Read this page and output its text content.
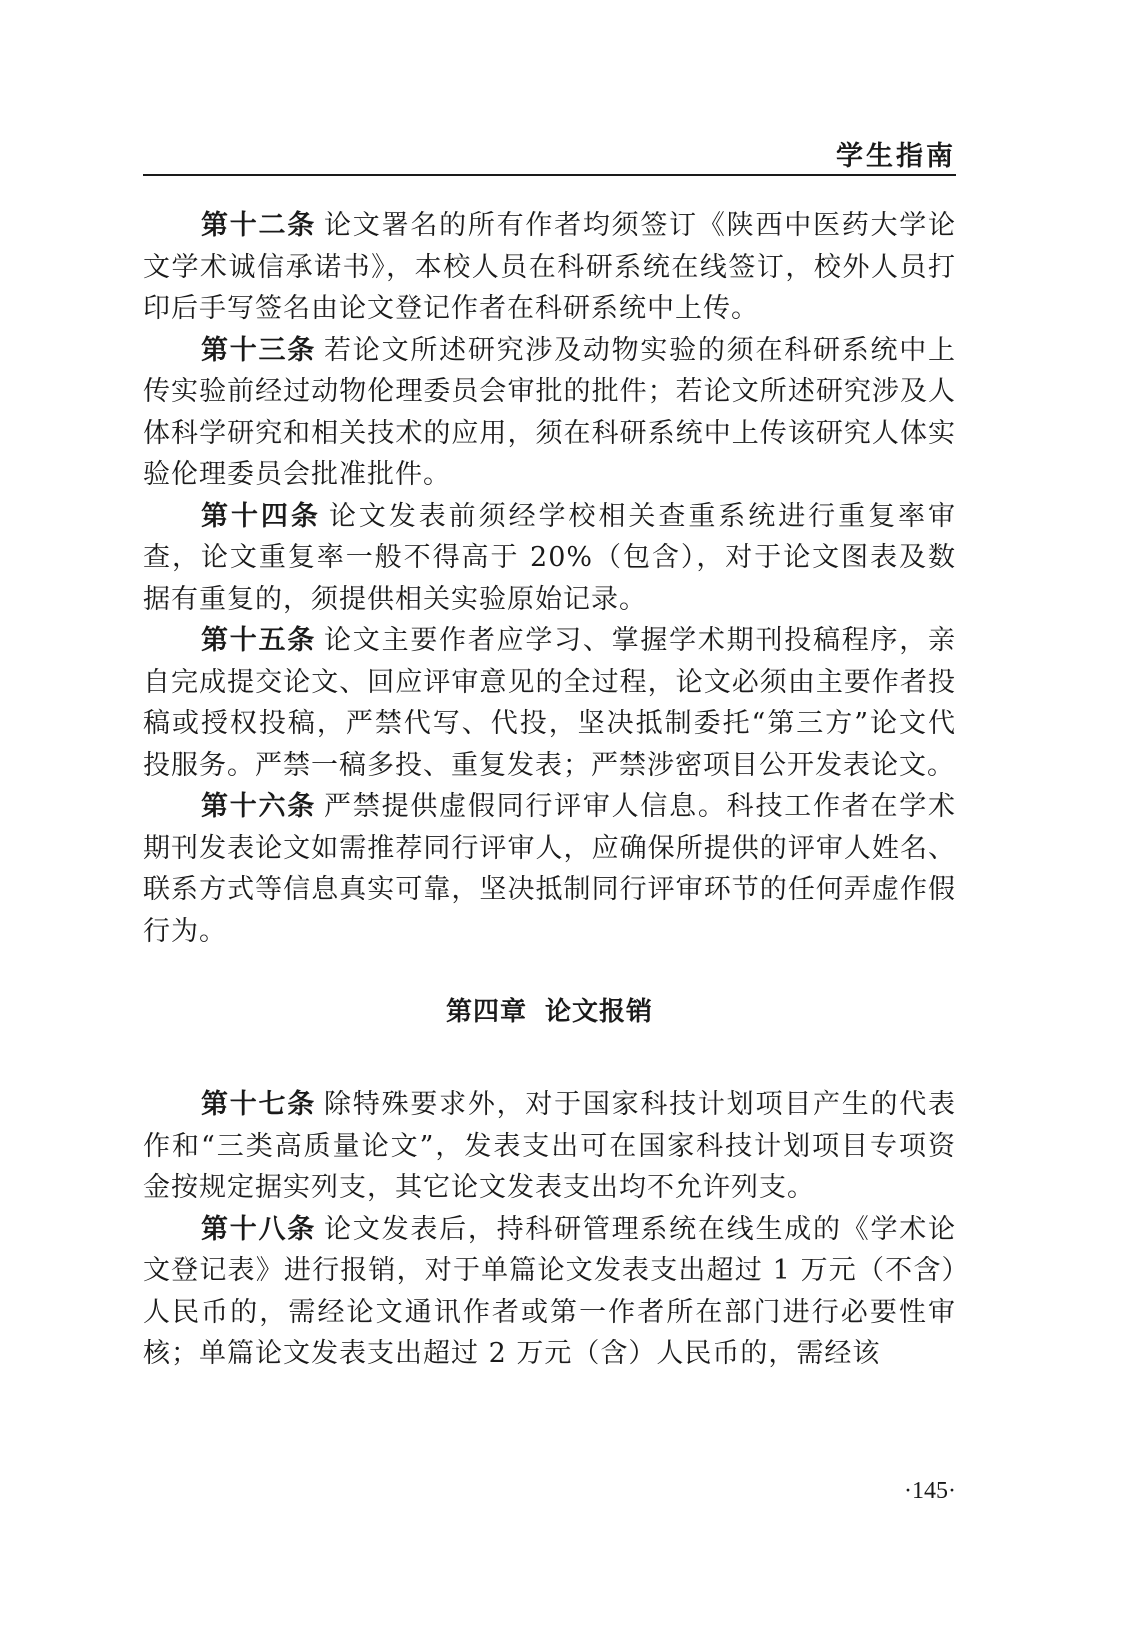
学生指南

第十二条 论文署名的所有作者均须签订《陕西中医药大学论文学术诚信承诺书》，本校人员在科研系统在线签订，校外人员打印后手写签名由论文登记作者在科研系统中上传。

第十三条 若论文所述研究涉及动物实验的须在科研系统中上传实验前经过动物伦理委员会审批的批件；若论文所述研究涉及人体科学研究和相关技术的应用，须在科研系统中上传该研究人体实验伦理委员会批准批件。

第十四条 论文发表前须经学校相关查重系统进行重复率审查，论文重复率一般不得高于 20%（包含），对于论文图表及数据有重复的，须提供相关实验原始记录。

第十五条 论文主要作者应学习、掌握学术期刊投稿程序，亲自完成提交论文、回应评审意见的全过程，论文必须由主要作者投稿或授权投稿，严禁代写、代投，坚决抵制委托“第三方”论文代投服务。严禁一稿多投、重复发表；严禁涉密项目公开发表论文。

第十六条 严禁提供虚假同行评审人信息。科技工作者在学术期刊发表论文如需推荐同行评审人，应确保所提供的评审人姓名、联系方式等信息真实可靠，坚决抵制同行评审环节的任何弄虚作假行为。

第四章 论文报销

第十七条 除特殊要求外，对于国家科技计划项目产生的代表作和“三类高质量论文”，发表支出可在国家科技计划项目专项资金按规定据实列支，其它论文发表支出均不允许列支。

第十八条 论文发表后，持科研管理系统在线生成的《学术论文登记表》进行报销，对于单篇论文发表支出超过 1 万元（不含）人民币的，需经论文通讯作者或第一作者所在部门进行必要性审核；单篇论文发表支出超过 2 万元（含）人民币的，需经该

·145·
